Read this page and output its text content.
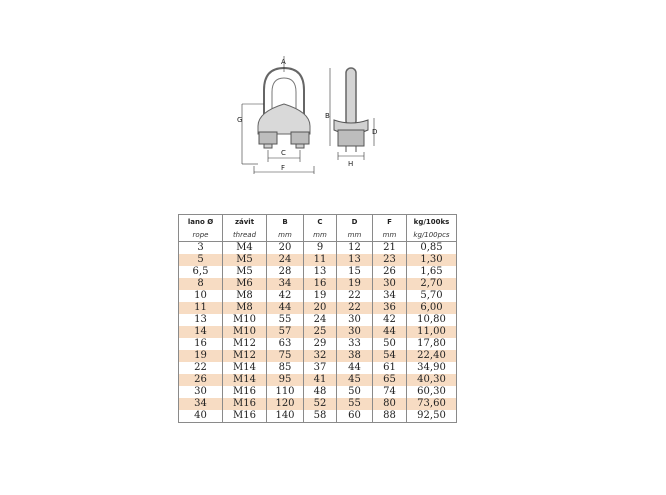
A
B
G
C
F
D
H
lano Ø	závit	B	C	D	F	kg/100ks
rope	thread	mm	mm	mm	mm	kg/100pcs
3	M4	20	9	12	21	0,85
5	M5	24	11	13	23	1,30
6,5	M5	28	13	15	26	1,65
8	M6	34	16	19	30	2,70
10	M8	42	19	22	34	5,70
11	M8	44	20	22	36	6,00
13	M10	55	24	30	42	10,80
14	M10	57	25	30	44	11,00
16	M12	63	29	33	50	17,80
19	M12	75	32	38	54	22,40
22	M14	85	37	44	61	34,90
26	M14	95	41	45	65	40,30
30	M16	110	48	50	74	60,30
34	M16	120	52	55	80	73,60
40	M16	140	58	60	88	92,50
